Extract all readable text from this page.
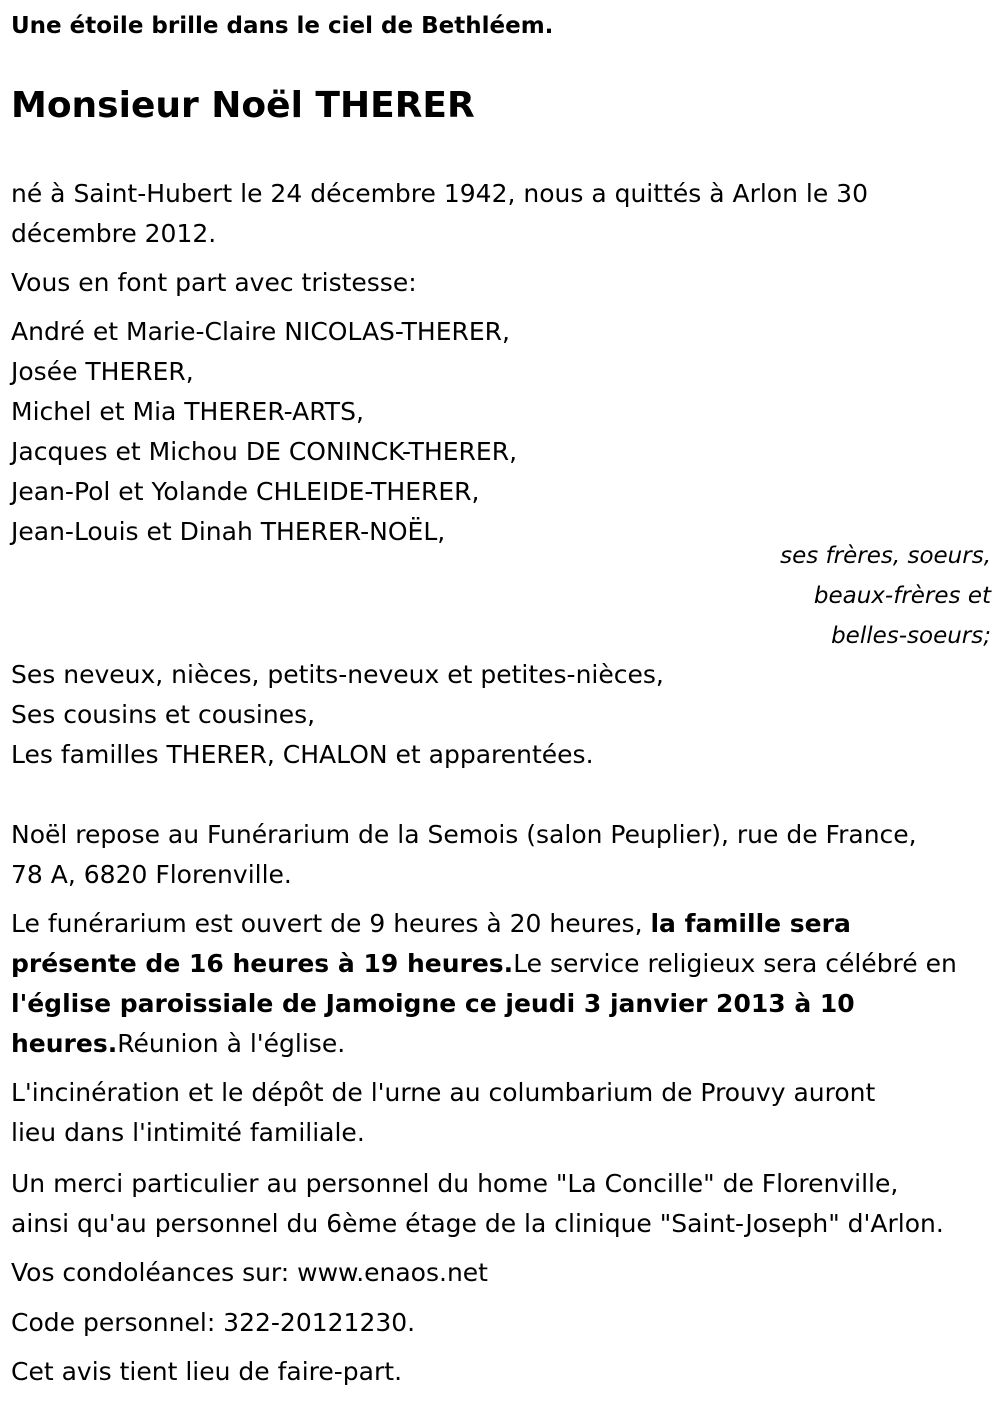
Une étoile brille dans le ciel de Bethléem.
Monsieur Noël THERER
né à Saint-Hubert le 24 décembre 1942, nous a quittés à Arlon le 30
décembre 2012.
Vous en font part avec tristesse:
André et Marie-Claire NICOLAS-THERER,
Josée THERER,
Michel et Mia THERER-ARTS,
Jacques et Michou DE CONINCK-THERER,
Jean-Pol et Yolande CHLEIDE-THERER,
Jean-Louis et Dinah THERER-NOËL,
ses frères, soeurs,
beaux-frères et
belles-soeurs;
Ses neveux, nièces, petits-neveux et petites-nièces,
Ses cousins et cousines,
Les familles THERER, CHALON et apparentées.
Noël repose au Funérarium de la Semois (salon Peuplier), rue de France,
78 A, 6820 Florenville.
Le funérarium est ouvert de 9 heures à 20 heures, la famille sera
présente de 16 heures à 19 heures.Le service religieux sera célébré en
l'église paroissiale de Jamoigne ce jeudi 3 janvier 2013 à 10
heures.Réunion à l'église.
L'incinération et le dépôt de l'urne au columbarium de Prouvy auront
lieu dans l'intimité familiale.
Un merci particulier au personnel du home "La Concille" de Florenville,
ainsi qu'au personnel du 6ème étage de la clinique "Saint-Joseph" d'Arlon.
Vos condoléances sur: www.enaos.net
Code personnel: 322-20121230.
Cet avis tient lieu de faire-part.
